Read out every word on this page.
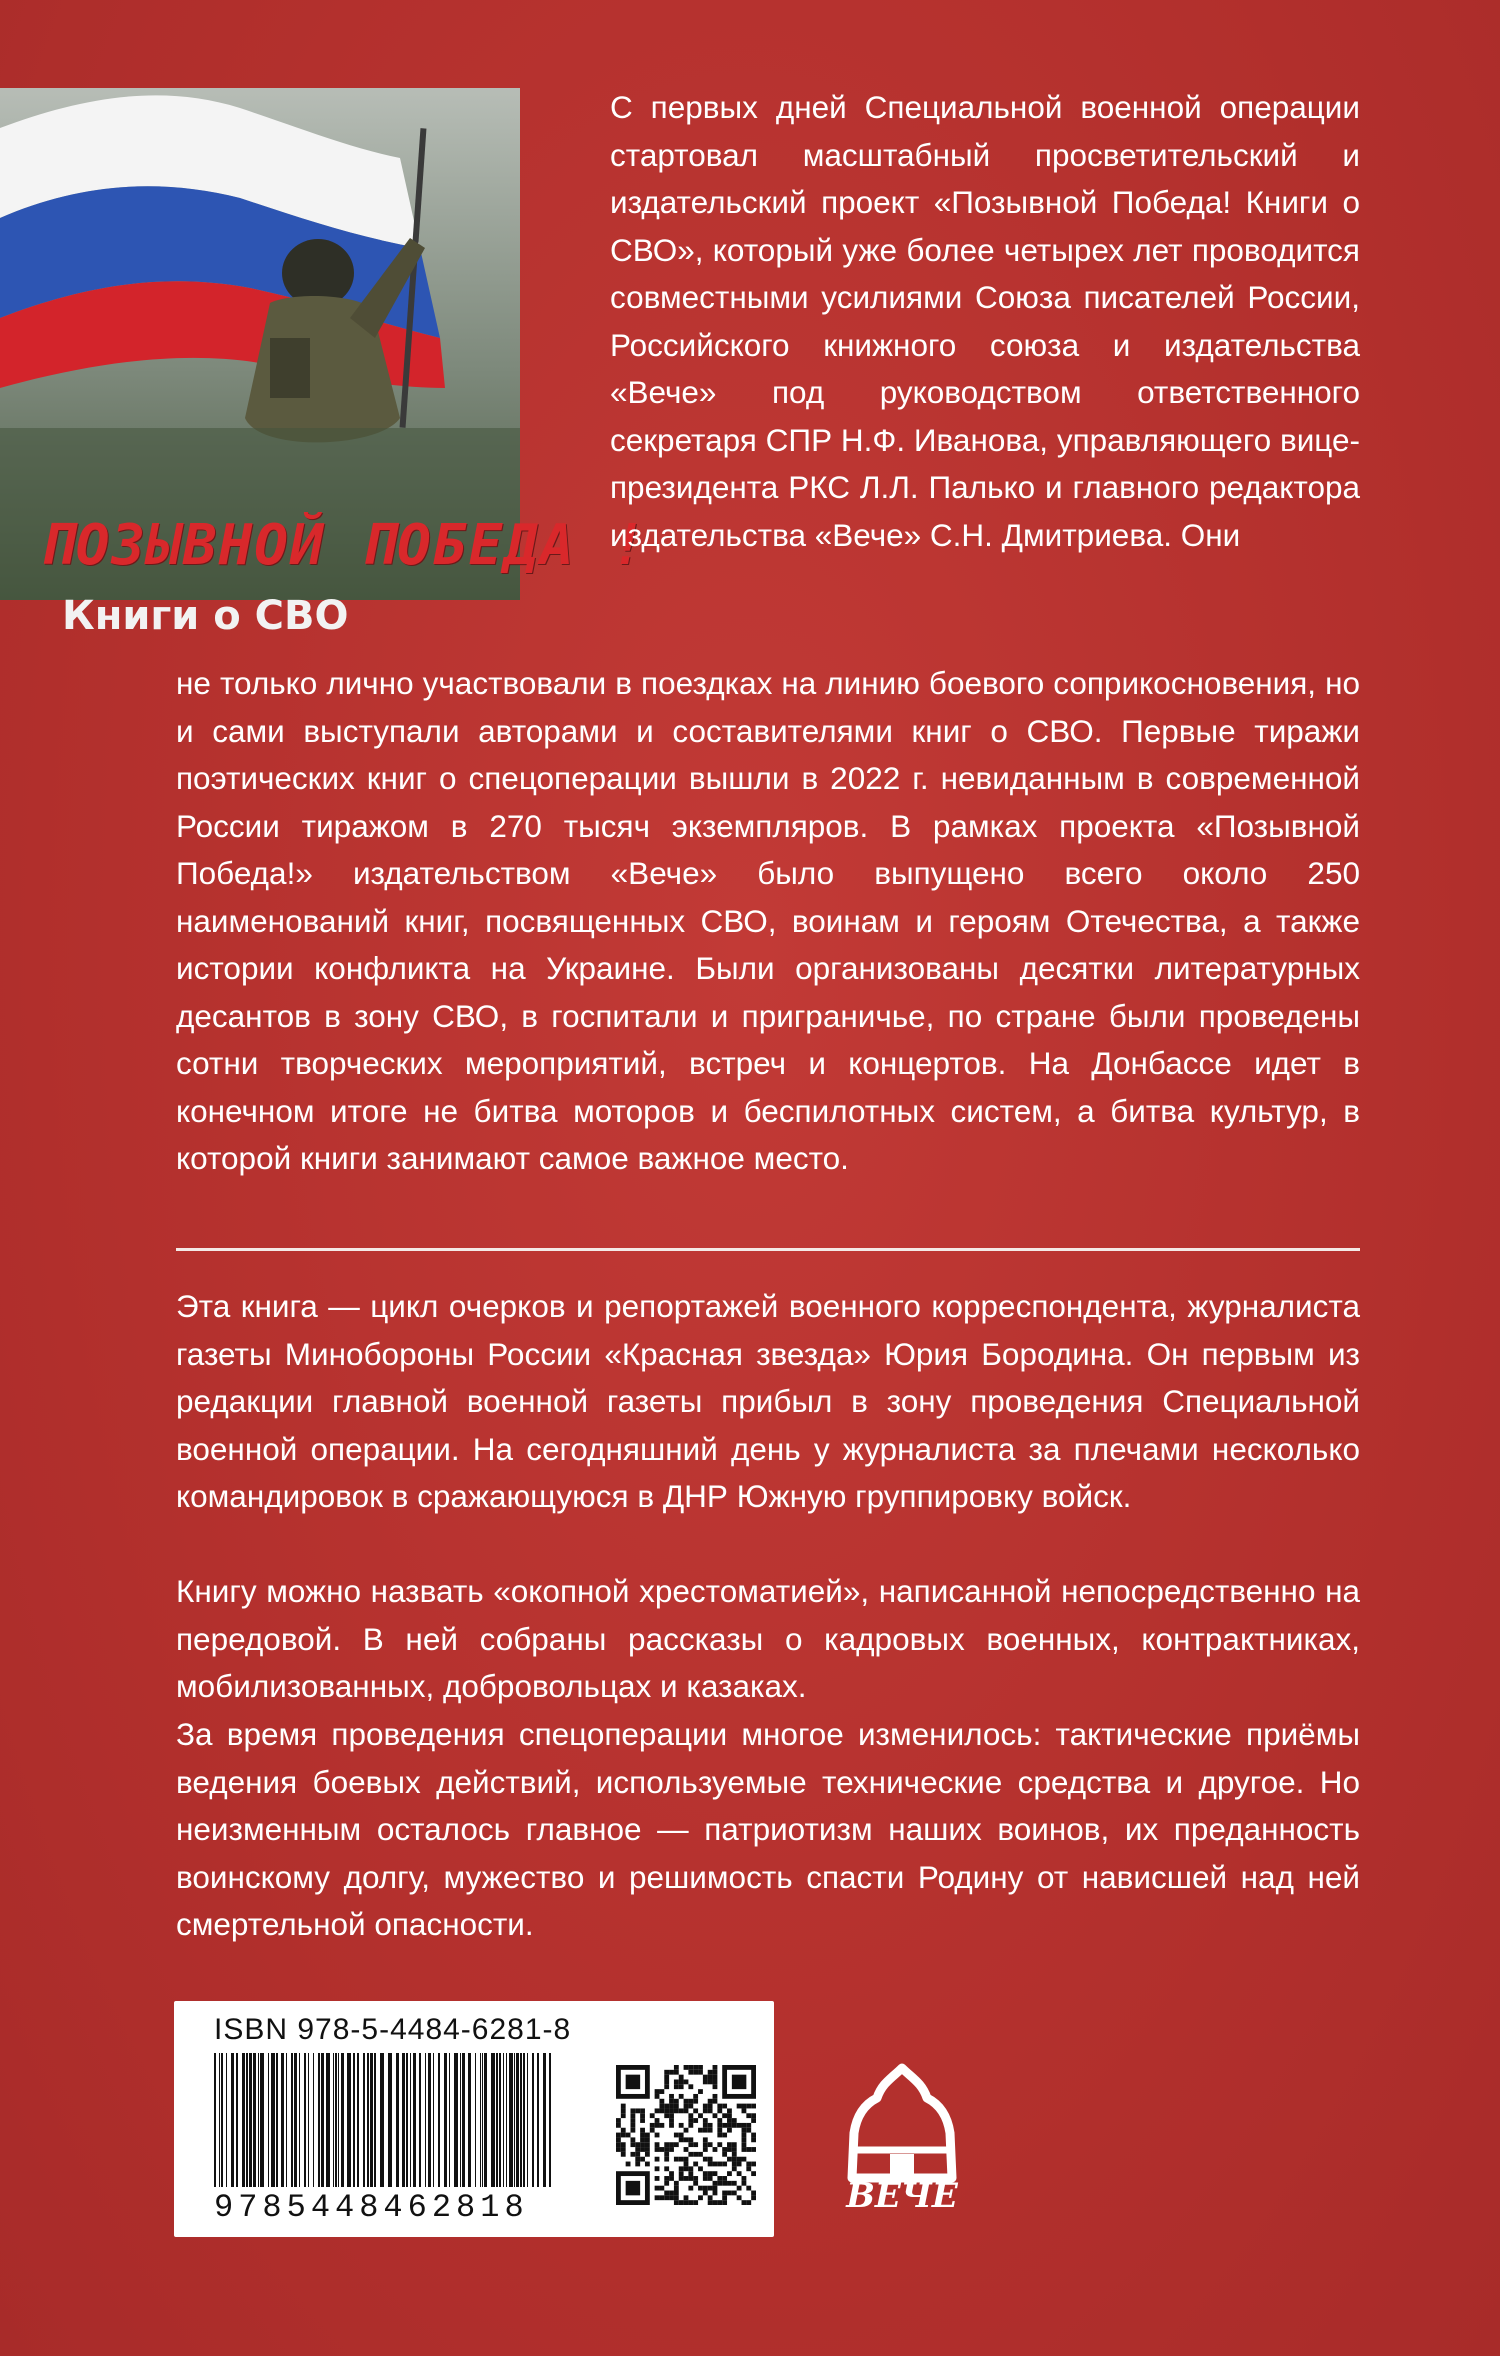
ПОЗЫВНОЙ ПОБЕДА !
Книги о СВО

С первых дней Специальной военной операции стартовал масштабный просветительский и издательский проект «Позывной Победа! Книги о СВО», который уже более четырех лет проводится совместными усилиями Союза писателей России, Российского книжного союза и издательства «Вече» под руководством ответственного секретаря СПР Н.Ф. Иванова, управляющего вице-президента РКС Л.Л. Палько и главного редактора издательства «Вече» С.Н. Дмитриева. Они

не только лично участвовали в поездках на линию боевого соприкосновения, но и сами выступали авторами и составителями книг о СВО. Первые тиражи поэтических книг о спецоперации вышли в 2022 г. невиданным в современной России тиражом в 270 тысяч экземпляров. В рамках проекта «Позывной Победа!» издательством «Вече» было выпущено всего около 250 наименований книг, посвященных СВО, воинам и героям Отечества, а также истории конфликта на Украине. Были организованы десятки литературных десантов в зону СВО, в госпитали и приграничье, по стране были проведены сотни творческих мероприятий, встреч и концертов. На Донбассе идет в конечном итоге не битва моторов и беспилотных систем, а битва культур, в которой книги занимают самое важное место.

Эта книга — цикл очерков и репортажей военного корреспондента, журналиста газеты Минобороны России «Красная звезда» Юрия Бородина. Он первым из редакции главной военной газеты прибыл в зону проведения Специальной военной операции. На сегодняшний день у журналиста за плечами несколько командировок в сражающуюся в ДНР Южную группировку войск.

Книгу можно назвать «окопной хрестоматией», написанной непосредственно на передовой. В ней собраны рассказы о кадровых военных, контрактниках, мобилизованных, добровольцах и казаках.

За время проведения спецоперации многое изменилось: тактические приёмы ведения боевых действий, используемые технические средства и другое. Но неизменным осталось главное — патриотизм наших воинов, их преданность воинскому долгу, мужество и решимость спасти Родину от нависшей над ней смертельной опасности.

ISBN 978-5-4484-6281-8
9785448462818	ВЕЧЕ
